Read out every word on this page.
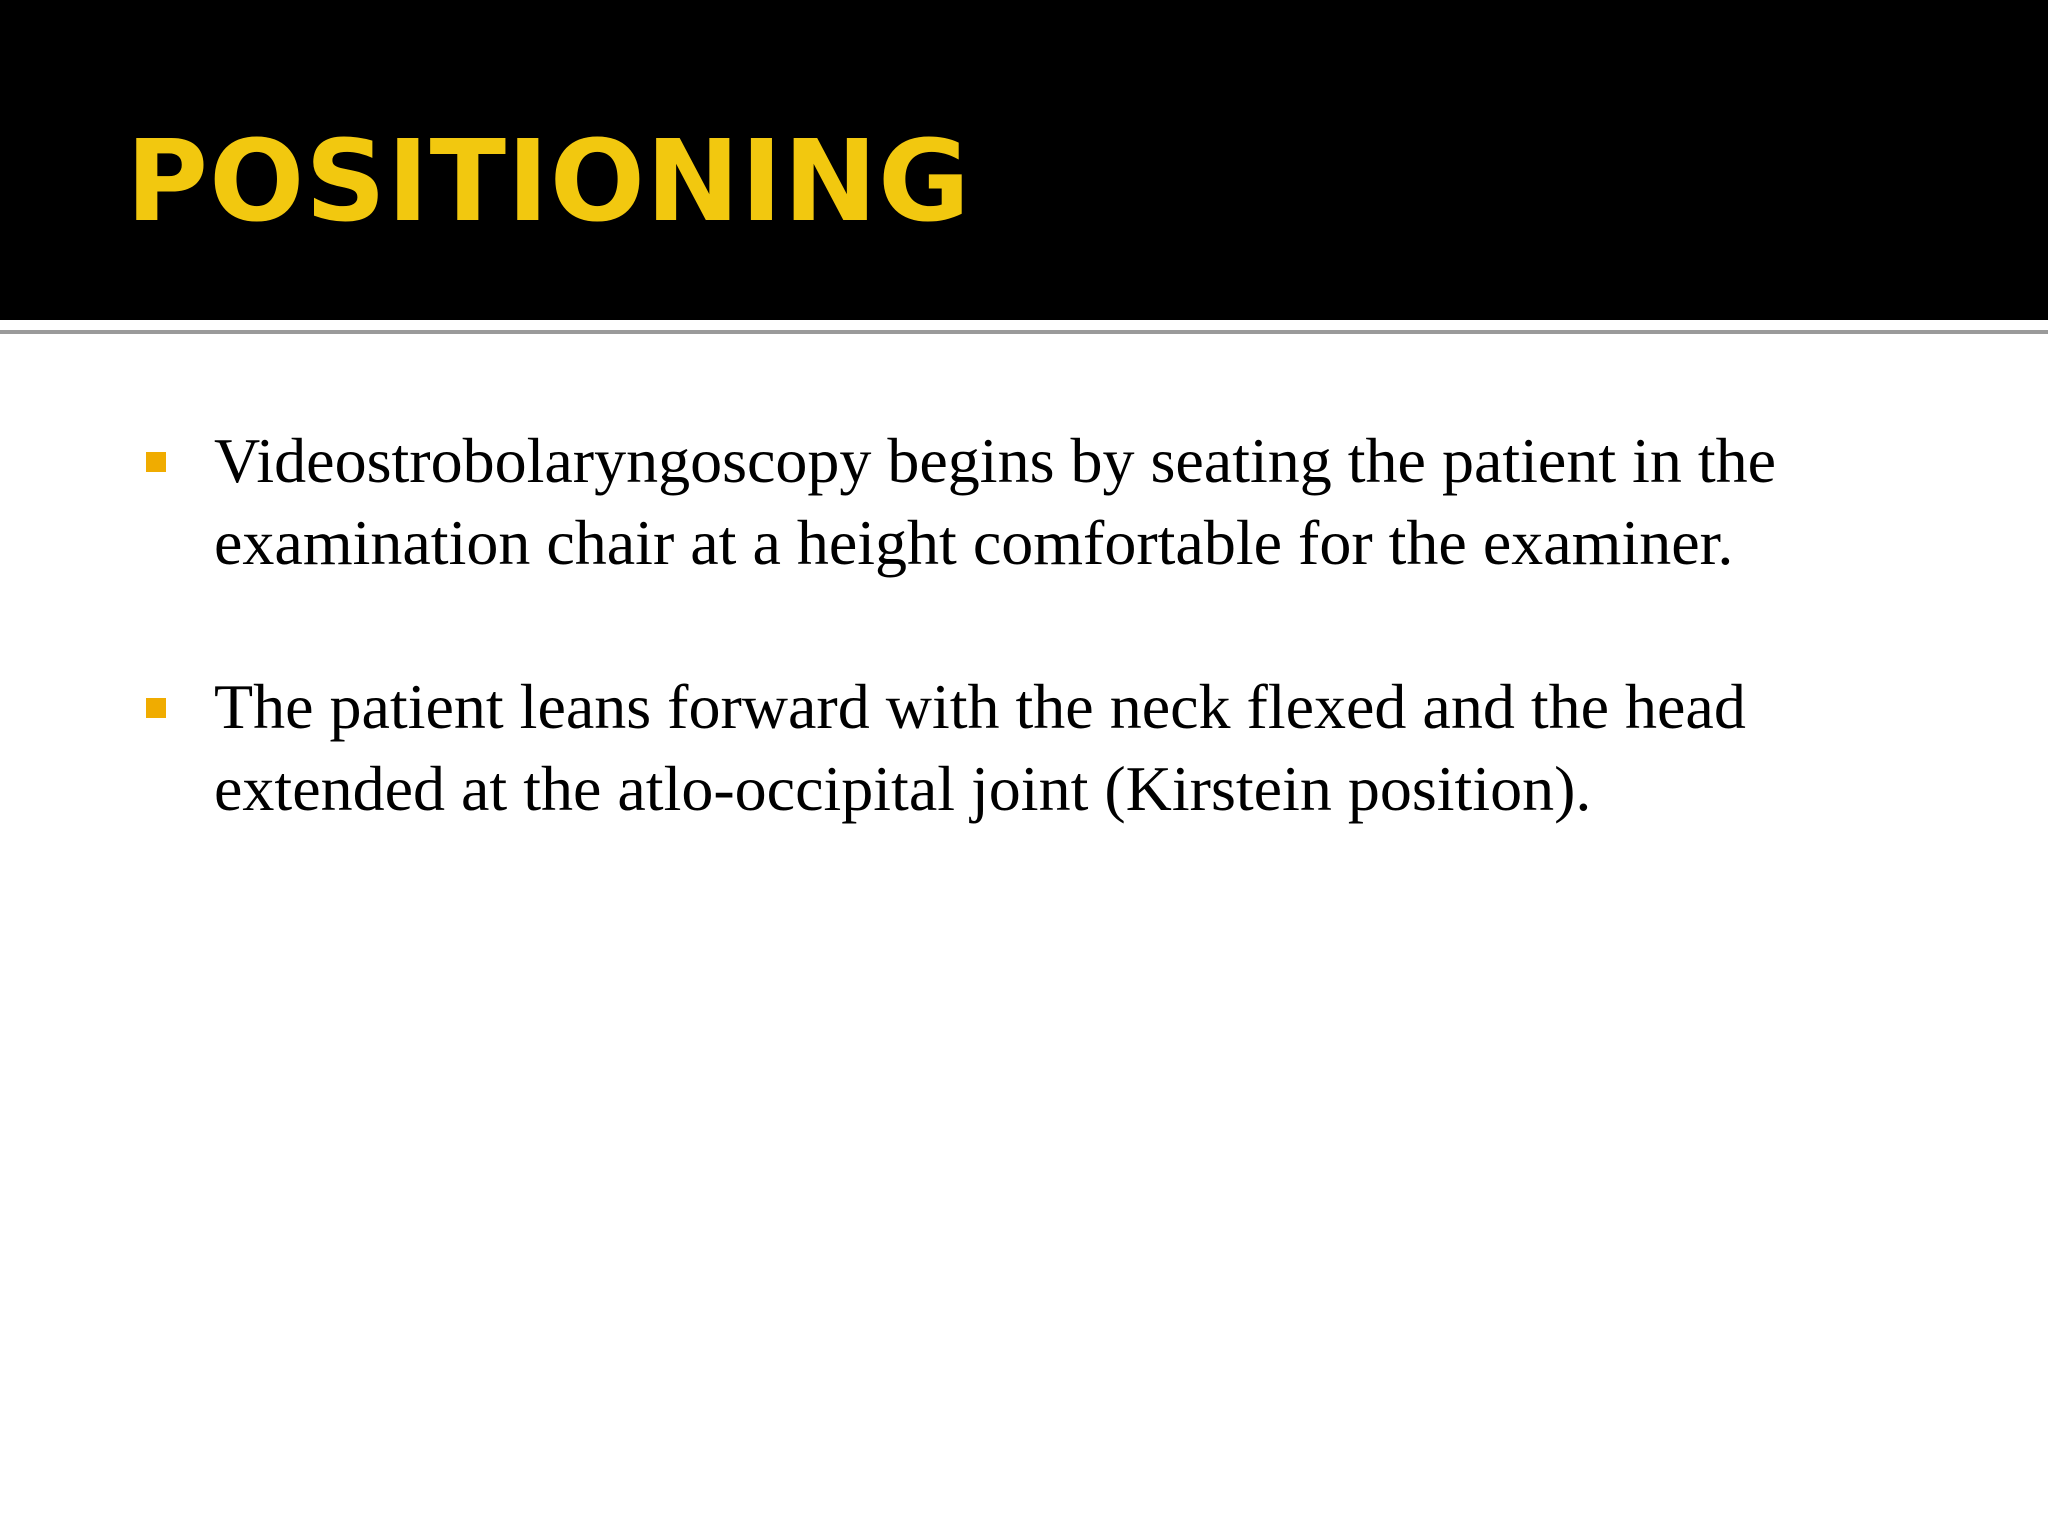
POSITIONING
Videostrobolaryngoscopy begins by seating the patient in the examination chair at a height comfortable for the examiner.
The patient leans forward with the neck flexed and the head extended at the atlo-occipital joint (Kirstein position).
